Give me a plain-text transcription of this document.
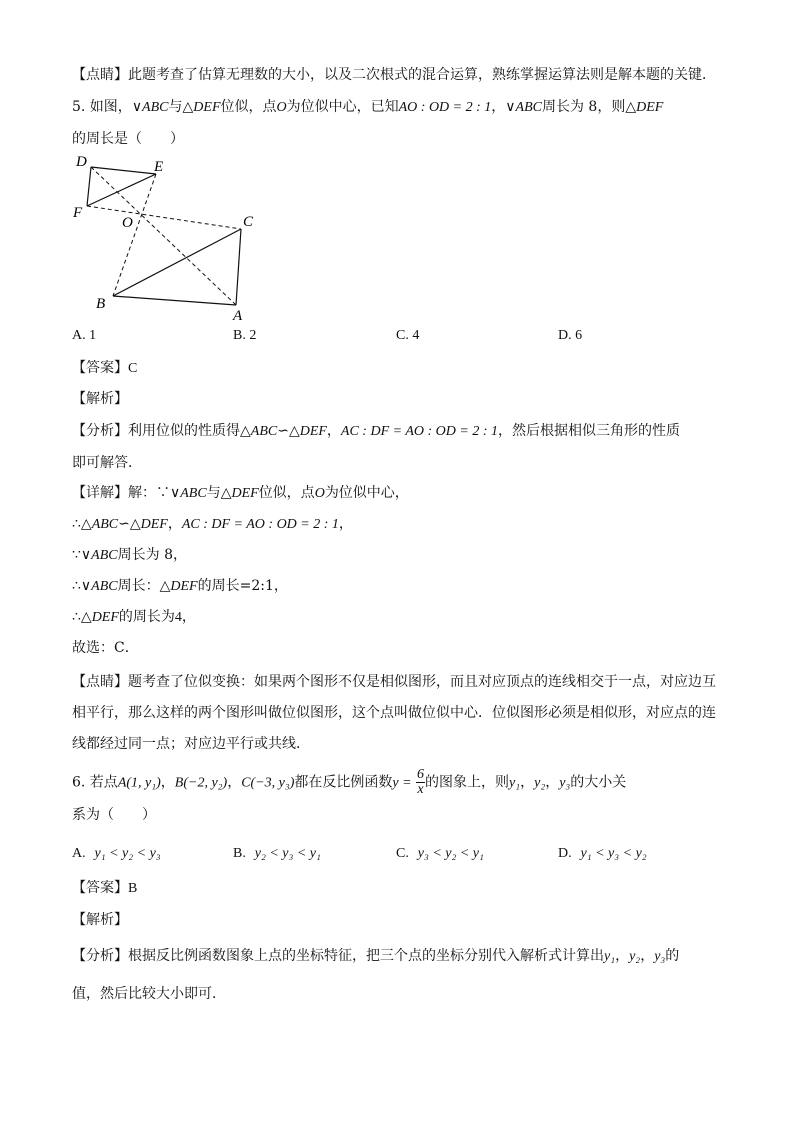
【点睛】此题考查了估算无理数的大小，以及二次根式的混合运算，熟练掌握运算法则是解本题的关键．
5. 如图，∨ABC与△DEF位似，点O为位似中心，已知AO : OD = 2 : 1，∨ABC周长为 8，则△DEF
的周长是（　　）
D	E
F
O	C
B
A
A. 1	B. 2	C. 4	D. 6
【答案】C
【解析】
【分析】利用位似的性质得△ABC∽△DEF，AC : DF = AO : OD = 2 : 1，然后根据相似三角形的性质
即可解答．
【详解】解：∵∨ABC与△DEF位似，点O为位似中心，
∴△ABC∽△DEF，AC : DF = AO : OD = 2 : 1，
∵∨ABC周长为 8，
∴∨ABC周长：△DEF的周长=2:1，
∴△DEF的周长为4，
故选：C．
【点睛】题考查了位似变换：如果两个图形不仅是相似图形，而且对应顶点的连线相交于一点，对应边互
相平行，那么这样的两个图形叫做位似图形，这个点叫做位似中心．位似图形必须是相似形，对应点的连
线都经过同一点；对应边平行或共线．
6. 若点A(1, y₁)，B(−2, y₂)，C(−3, y₃)都在反比例函数$y = \frac{6}{x}$ 的图象上，则y₁，y₂，y₃的大小关
系为（　　）
A. y₁ < y₂ < y₃	B. y₂ < y₃ < y₁	C. y₃ < y₂ < y₁	D. y₁ < y₃ < y₂
【答案】B
【解析】
【分析】根据反比例函数图象上点的坐标特征，把三个点的坐标分别代入解析式计算出y₁，y₂，y₃的
值，然后比较大小即可．
